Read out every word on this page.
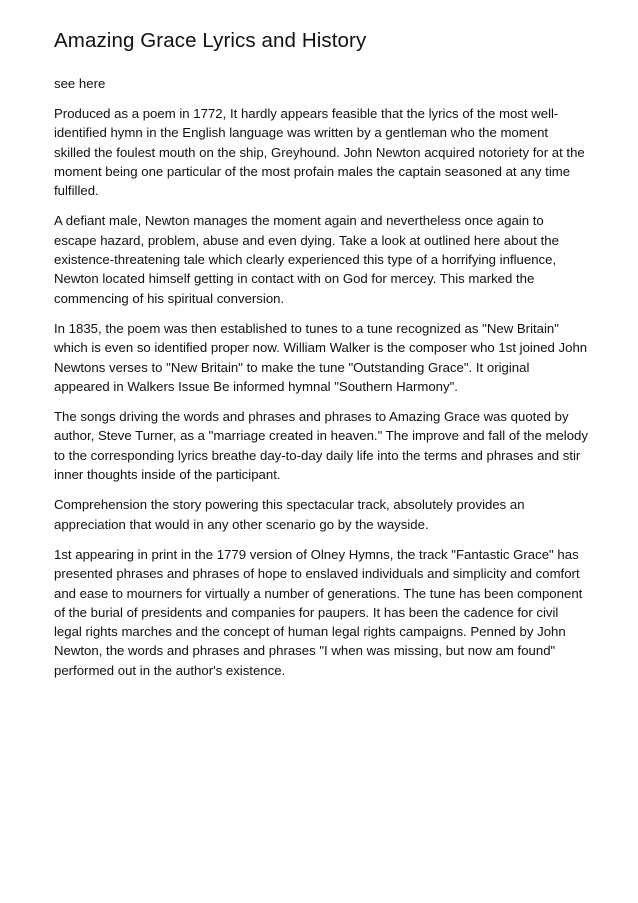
Amazing Grace Lyrics and History

see here

Produced as a poem in 1772, It hardly appears feasible that the lyrics of the most well-identified hymn in the English language was written by a gentleman who the moment skilled the foulest mouth on the ship, Greyhound. John Newton acquired notoriety for at the moment being one particular of the most profain males the captain seasoned at any time fulfilled.

A defiant male, Newton manages the moment again and nevertheless once again to escape hazard, problem, abuse and even dying. Take a look at outlined here about the existence-threatening tale which clearly experienced this type of a horrifying influence, Newton located himself getting in contact with on God for mercey. This marked the commencing of his spiritual conversion.

In 1835, the poem was then established to tunes to a tune recognized as "New Britain" which is even so identified proper now. William Walker is the composer who 1st joined John Newtons verses to "New Britain" to make the tune "Outstanding Grace". It original appeared in Walkers Issue Be informed hymnal "Southern Harmony".

The songs driving the words and phrases and phrases to Amazing Grace was quoted by author, Steve Turner, as a "marriage created in heaven." The improve and fall of the melody to the corresponding lyrics breathe day-to-day daily life into the terms and phrases and stir inner thoughts inside of the participant.

Comprehension the story powering this spectacular track, absolutely provides an appreciation that would in any other scenario go by the wayside.

1st appearing in print in the 1779 version of Olney Hymns, the track "Fantastic Grace" has presented phrases and phrases of hope to enslaved individuals and simplicity and comfort and ease to mourners for virtually a number of generations. The tune has been component of the burial of presidents and companies for paupers. It has been the cadence for civil legal rights marches and the concept of human legal rights campaigns. Penned by John Newton, the words and phrases and phrases "I when was missing, but now am found" performed out in the author's existence.
